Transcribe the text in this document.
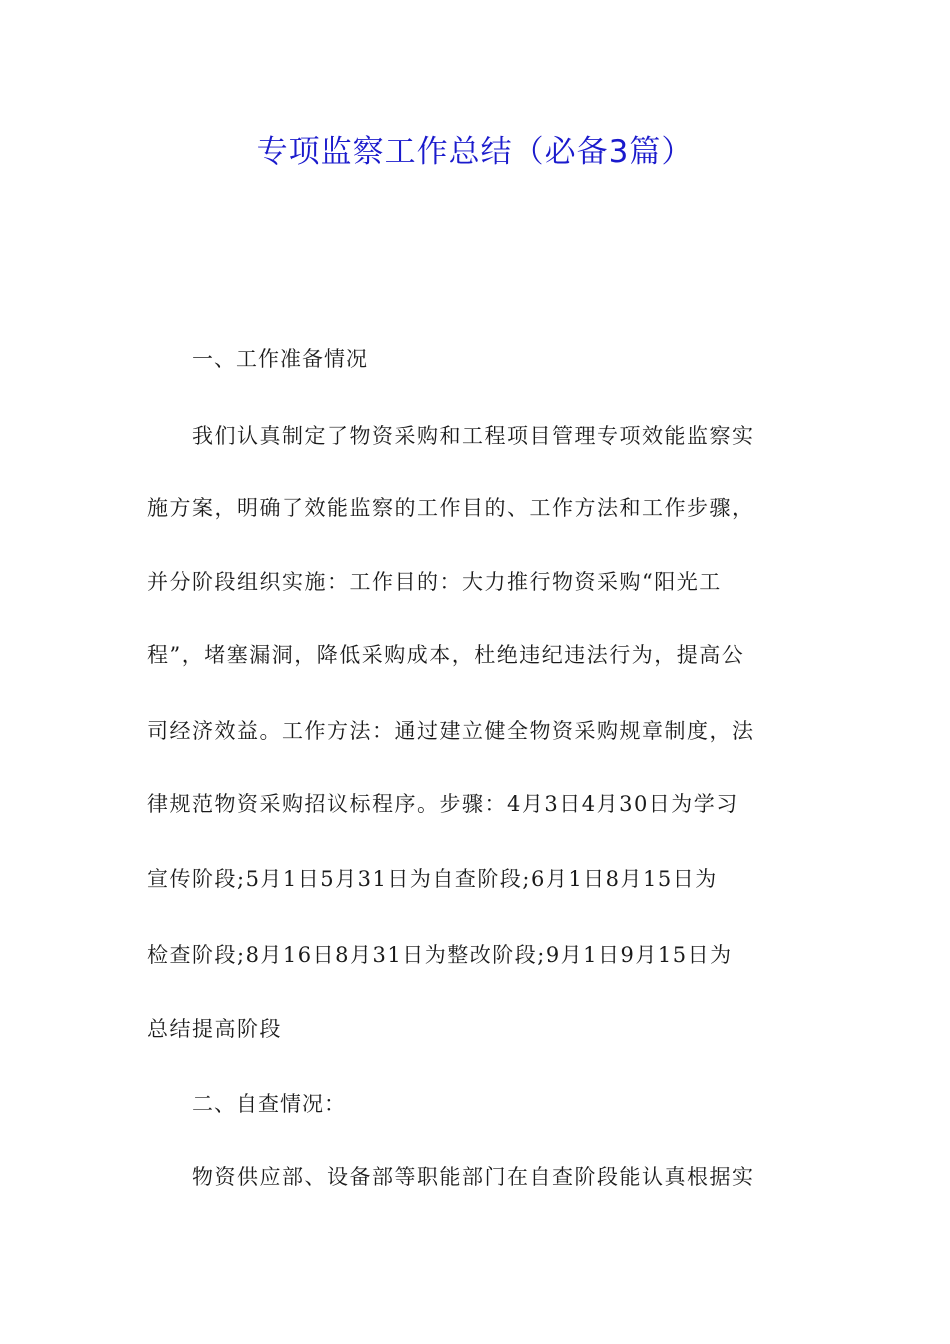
专项监察工作总结（必备3篇）

一、工作准备情况

我们认真制定了物资采购和工程项目管理专项效能监察实

施方案，明确了效能监察的工作目的、工作方法和工作步骤，

并分阶段组织实施：工作目的：大力推行物资采购“阳光工

程”，堵塞漏洞，降低采购成本，杜绝违纪违法行为，提高公

司经济效益。工作方法：通过建立健全物资采购规章制度，法

律规范物资采购招议标程序。步骤：4月3日4月30日为学习

宣传阶段;5月1日5月31日为自查阶段;6月1日8月15日为

检查阶段;8月16日8月31日为整改阶段;9月1日9月15日为

总结提高阶段

二、自查情况：

物资供应部、设备部等职能部门在自查阶段能认真根据实
